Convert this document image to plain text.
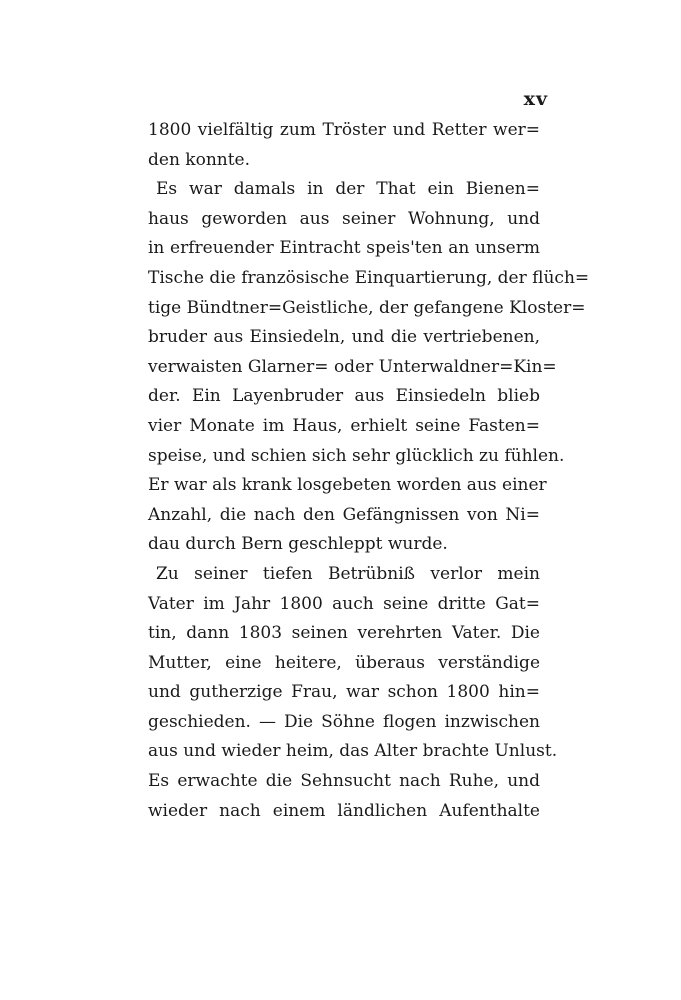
xv
1800 vielfältig zum Tröster und Retter wer=
den konnte.
Es war damals in der That ein Bienen=
haus geworden aus seiner Wohnung, und
in erfreuender Eintracht speis'ten an unserm
Tische die französische Einquartierung, der flüch=
tige Bündtner=Geistliche, der gefangene Kloster=
bruder aus Einsiedeln, und die vertriebenen,
verwaisten Glarner= oder Unterwaldner=Kin=
der. Ein Layenbruder aus Einsiedeln blieb
vier Monate im Haus, erhielt seine Fasten=
speise, und schien sich sehr glücklich zu fühlen.
Er war als krank losgebeten worden aus einer
Anzahl, die nach den Gefängnissen von Ni=
dau durch Bern geschleppt wurde.
Zu seiner tiefen Betrübniß verlor mein
Vater im Jahr 1800 auch seine dritte Gat=
tin, dann 1803 seinen verehrten Vater. Die
Mutter, eine heitere, überaus verständige
und gutherzige Frau, war schon 1800 hin=
geschieden. — Die Söhne flogen inzwischen
aus und wieder heim, das Alter brachte Unlust.
Es erwachte die Sehnsucht nach Ruhe, und
wieder nach einem ländlichen Aufenthalte
